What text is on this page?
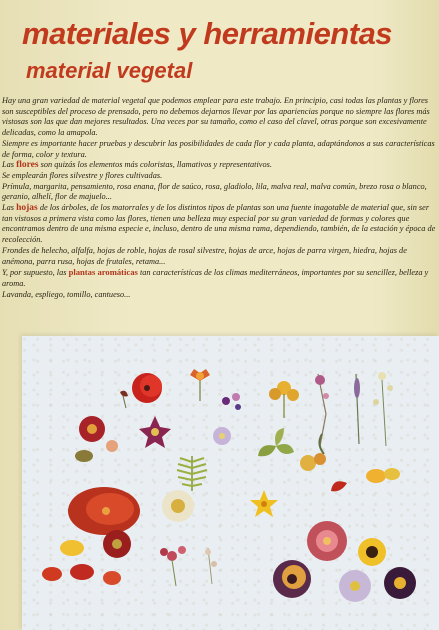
materiales y herramientas
material vegetal

Hay una gran variedad de material vegetal que podemos emplear para este trabajo. En principio, casi todas las plantas y flores son susceptibles del proceso de prensado, pero no debemos dejarnos llevar por las apariencias porque no siempre las flores más vistosas son las que dan mejores resultados. Una veces por su tamaño, como el caso del clavel, otras porque son excesivamente delicadas, como la amapola.

Siempre es importante hacer pruebas y descubrir las posibilidades de cada flor y cada planta, adaptándonos a sus características de forma, color y textura.

Las flores son quizás los elementos más coloristas, llamativos y representativos.

Se emplearán flores silvestre y flores cultivadas.

Prímula, margarita, pensamiento, rosa enana, flor de saúco, rosa, gladiolo, lila, malva real, malva común, brezo rosa o blanco, geranio, alhelí, flor de majuelo...

Las hojas de los árboles, de los matorrales y de los distintos tipos de plantas son una fuente inagotable de material que, sin ser tan vistosos a primera vista como las flores, tienen una belleza muy especial por su gran variedad de formas y colores que encontramos dentro de una misma especie e, incluso, dentro de una misma rama, dependiendo, también, de la estación y época de recolección.

Frondes de helecho, alfalfa, hojas de roble, hojas de rosal silvestre, hojas de arce, hojas de parra virgen, hiedra, hojas de anémona, parra rusa, hojas de frutales, retama...

Y, por supuesto, las plantas aromáticas tan características de los climas mediterráneos, importantes por su sencillez, belleza y aroma.

Lavanda, espliego, tomillo, cantueso...
